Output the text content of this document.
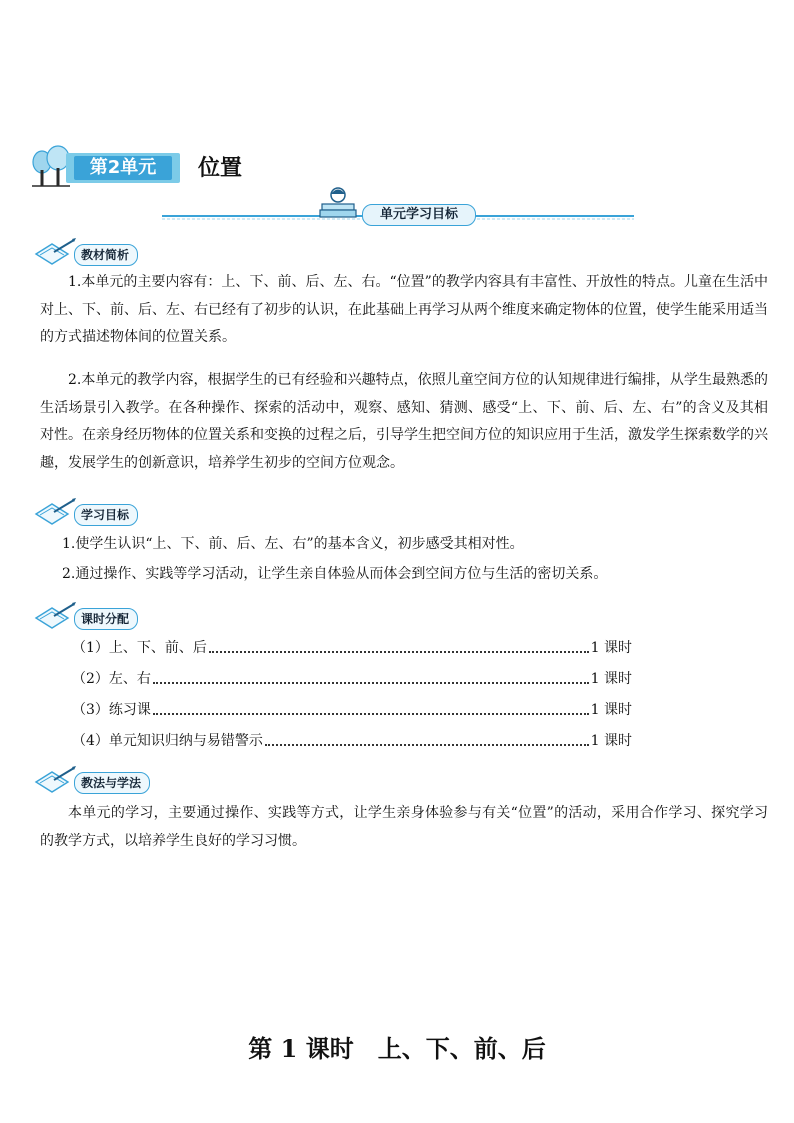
第2单元	位置
单元学习目标
教材简析
1.本单元的主要内容有：上、下、前、后、左、右。“位置”的教学内容具有丰富性、开放性的特点。儿童在生活中对上、下、前、后、左、右已经有了初步的认识，在此基础上再学习从两个维度来确定物体的位置，使学生能采用适当的方式描述物体间的位置关系。
2.本单元的教学内容，根据学生的已有经验和兴趣特点，依照儿童空间方位的认知规律进行编排，从学生最熟悉的生活场景引入教学。在各种操作、探索的活动中，观察、感知、猜测、感受“上、下、前、后、左、右”的含义及其相对性。在亲身经历物体的位置关系和变换的过程之后，引导学生把空间方位的知识应用于生活，激发学生探索数学的兴趣，发展学生的创新意识，培养学生初步的空间方位观念。
学习目标
1.使学生认识“上、下、前、后、左、右”的基本含义，初步感受其相对性。
2.通过操作、实践等学习活动，让学生亲自体验从而体会到空间方位与生活的密切关系。
课时分配
（1）上、下、前、后	1 课时
（2）左、右	1 课时
（3）练习课	1 课时
（4）单元知识归纳与易错警示	1 课时
教法与学法
本单元的学习，主要通过操作、实践等方式，让学生亲身体验参与有关“位置”的活动，采用合作学习、探究学习的教学方式，以培养学生良好的学习习惯。
第 1 课时　上、下、前、后
